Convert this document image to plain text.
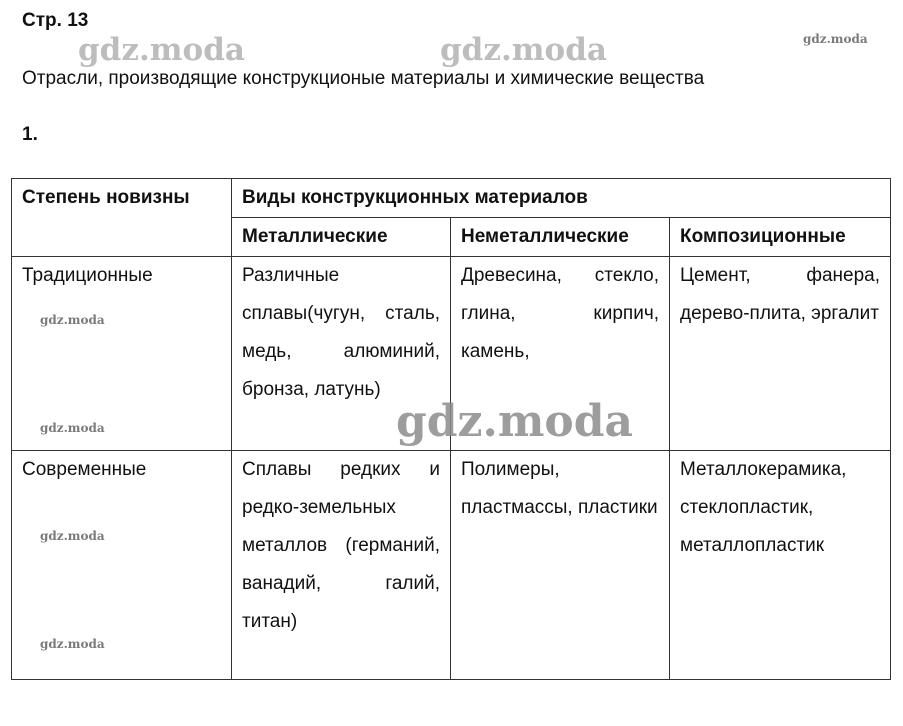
Стр. 13
Отрасли, производящие конструкционые материалы и химические вещества
1.
gdz.moda	gdz.moda	gdz.moda
Степень новизны	Виды конструкционных материалов		
	Металлические	Неметаллические	Композиционные
Традиционные	Различные сплавы(чугун, сталь, медь, алюминий, бронза, латунь)	Древесина, стекло, глина, кирпич, камень,	Цемент, фанера, дерево-плита, эргалит
Современные	Сплавы редких и редко-земельных металлов (германий, ванадий, галий, титан)	Полимеры, пластмассы, пластики	Металлокерамика, стеклопластик, металлопластик
gdz.moda
gdz.moda
gdz.moda
gdz.moda
gdz.moda
